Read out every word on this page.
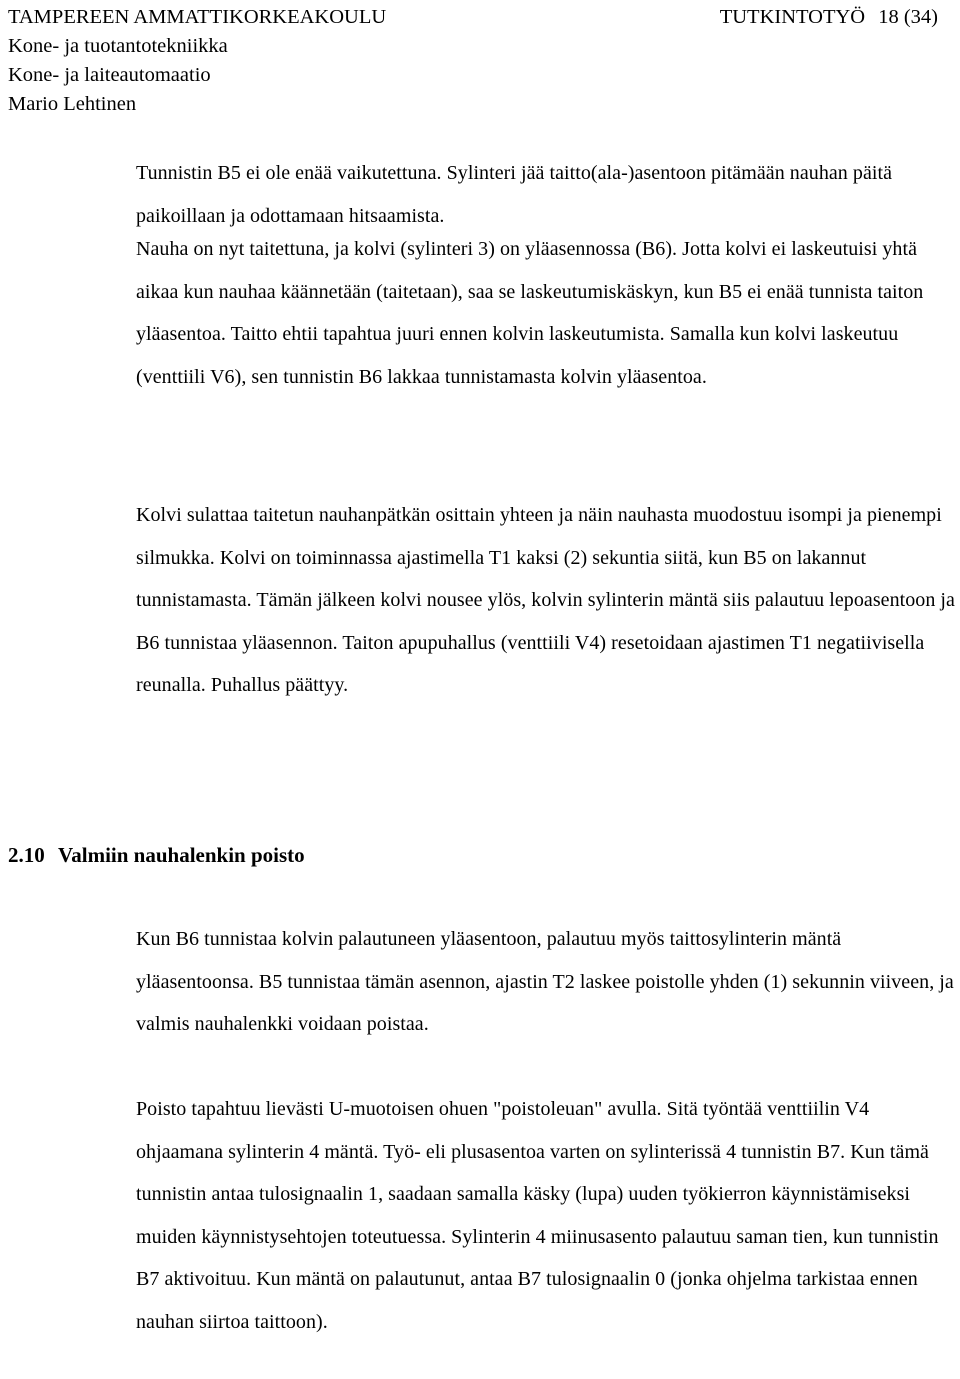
TAMPEREEN AMMATTIKORKEAKOULU	TUTKINTOTYÖ 18 (34)
Kone- ja tuotantotekniikka
Kone- ja laiteautomaatio
Mario Lehtinen

Tunnistin B5 ei ole enää vaikutettuna. Sylinteri jää taitto(ala-)asentoon pitämään nauhan päitä paikoillaan ja odottamaan hitsaamista.

Nauha on nyt taitettuna, ja kolvi (sylinteri 3) on yläasennossa (B6). Jotta kolvi ei laskeutuisi yhtä aikaa kun nauhaa käännetään (taitetaan), saa se laskeutumiskäskyn, kun B5 ei enää tunnista taiton yläasentoa. Taitto ehtii tapahtua juuri ennen kolvin laskeutumista. Samalla kun kolvi laskeutuu (venttiili V6), sen tunnistin B6 lakkaa tunnistamasta kolvin yläasentoa.

Kolvi sulattaa taitetun nauhanpätkän osittain yhteen ja näin nauhasta muodostuu isompi ja pienempi silmukka. Kolvi on toiminnassa ajastimella T1 kaksi (2) sekuntia siitä, kun B5 on lakannut tunnistamasta. Tämän jälkeen kolvi nousee ylös, kolvin sylinterin mäntä siis palautuu lepoasentoon ja B6 tunnistaa yläasennon. Taiton apupuhallus (venttiili V4) resetoidaan ajastimen T1 negatiivisella reunalla. Puhallus päättyy.

2.10 Valmiin nauhalenkin poisto

Kun B6 tunnistaa kolvin palautuneen yläasentoon, palautuu myös taittosylinterin mäntä yläasentoonsa. B5 tunnistaa tämän asennon, ajastin T2 laskee poistolle yhden (1) sekunnin viiveen, ja valmis nauhalenkki voidaan poistaa.

Poisto tapahtuu lievästi U-muotoisen ohuen "poistoleuan" avulla. Sitä työntää venttiilin V4 ohjaamana sylinterin 4 mäntä. Työ- eli plusasentoa varten on sylinterissä 4 tunnistin B7. Kun tämä tunnistin antaa tulosignaalin 1, saadaan samalla käsky (lupa) uuden työkierron käynnistämiseksi muiden käynnistysehtojen toteutuessa. Sylinterin 4 miinusasento palautuu saman tien, kun tunnistin B7 aktivoituu. Kun mäntä on palautunut, antaa B7 tulosignaalin 0 (jonka ohjelma tarkistaa ennen nauhan siirtoa taittoon).
